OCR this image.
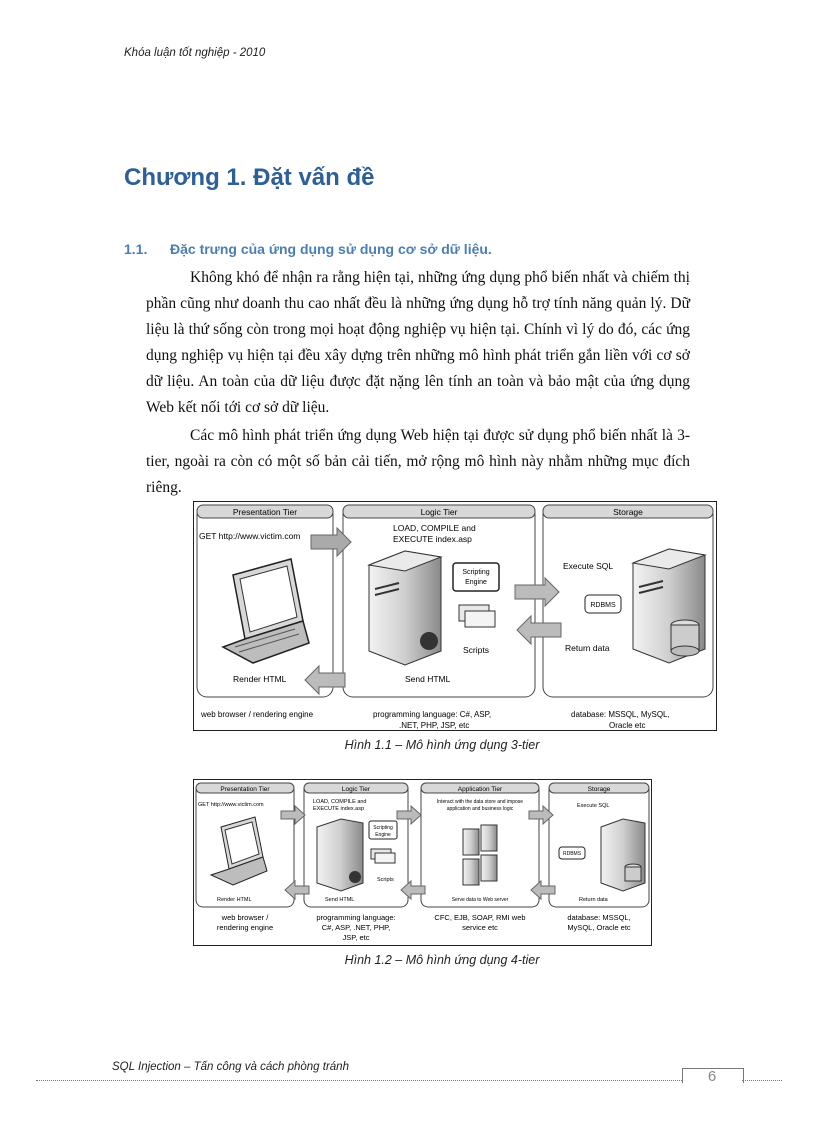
Khóa luận tốt nghiệp - 2010
Chương 1. Đặt vấn đề
1.1. Đặc trưng của ứng dụng sử dụng cơ sở dữ liệu.

Không khó để nhận ra rằng hiện tại, những ứng dụng phổ biến nhất và chiếm thị phần cũng như doanh thu cao nhất đều là những ứng dụng hỗ trợ tính năng quản lý. Dữ liệu là thứ sống còn trong mọi hoạt động nghiệp vụ hiện tại. Chính vì lý do đó, các ứng dụng nghiệp vụ hiện tại đều xây dựng trên những mô hình phát triển gắn liền với cơ sở dữ liệu. An toàn của dữ liệu được đặt nặng lên tính an toàn và bảo mật của ứng dụng Web kết nối tới cơ sở dữ liệu.

Các mô hình phát triển ứng dụng Web hiện tại được sử dụng phổ biến nhất là 3-tier, ngoài ra còn có một số bản cải tiến, mở rộng mô hình này nhằm những mục đích riêng.

Presentation Tier	Logic Tier	Storage
Scripting
Engine
RDBMS
GET http://www.victim.com
LOAD, COMPILE and
EXECUTE index.asp
Scripts
Execute SQL
Return data
Render HTML	Send HTML
web browser / rendering engine	programming language: C#, ASP,
.NET, PHP, JSP, etc
database: MSSQL, MySQL,
Oracle etc
Hình 1.1 – Mô hình ứng dụng 3-tier
Presentation Tier	Logic Tier	Application Tier	Storage
Scripting
Engine
RDBMS
GET http://www.victim.com	LOAD, COMPILE and
EXECUTE index.asp
Scripts
Interact with the data store and impose
application and business logic	Execute SQL
Return data
Render HTML	Send HTML	Serve data to Web server
web browser /
rendering engine
programming language:
C#, ASP, .NET, PHP,
JSP, etc
CFC, EJB, SOAP, RMI web
service etc
database: MSSQL,
MySQL, Oracle etc
Hình 1.2 – Mô hình ứng dụng 4-tier
SQL Injection – Tấn công và cách phòng tránh
6
